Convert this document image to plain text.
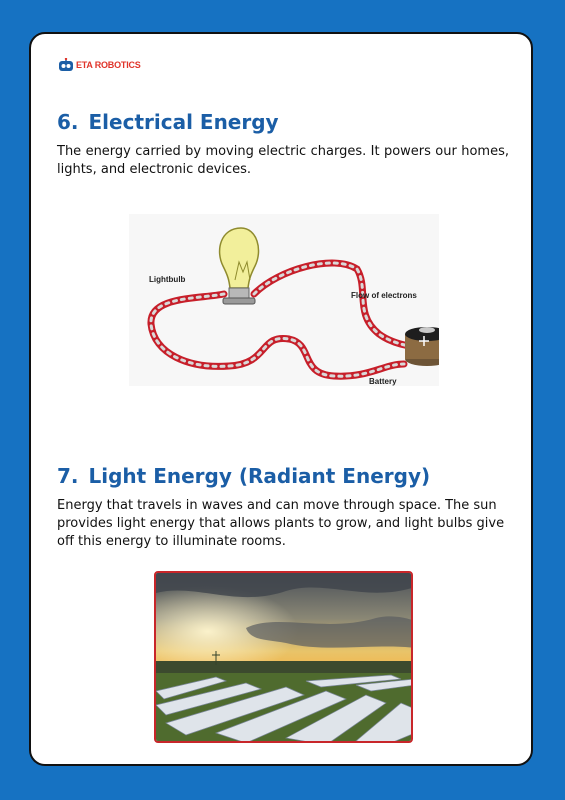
ETA ROBOTICS
6. Electrical Energy

The energy carried by moving electric charges. It powers our homes, lights, and electronic devices.

Lightbulb
Flow of electrons
Battery
7. Light Energy (Radiant Energy)

Energy that travels in waves and can move through space. The sun provides light energy that allows plants to grow, and light bulbs give off this energy to illuminate rooms.
